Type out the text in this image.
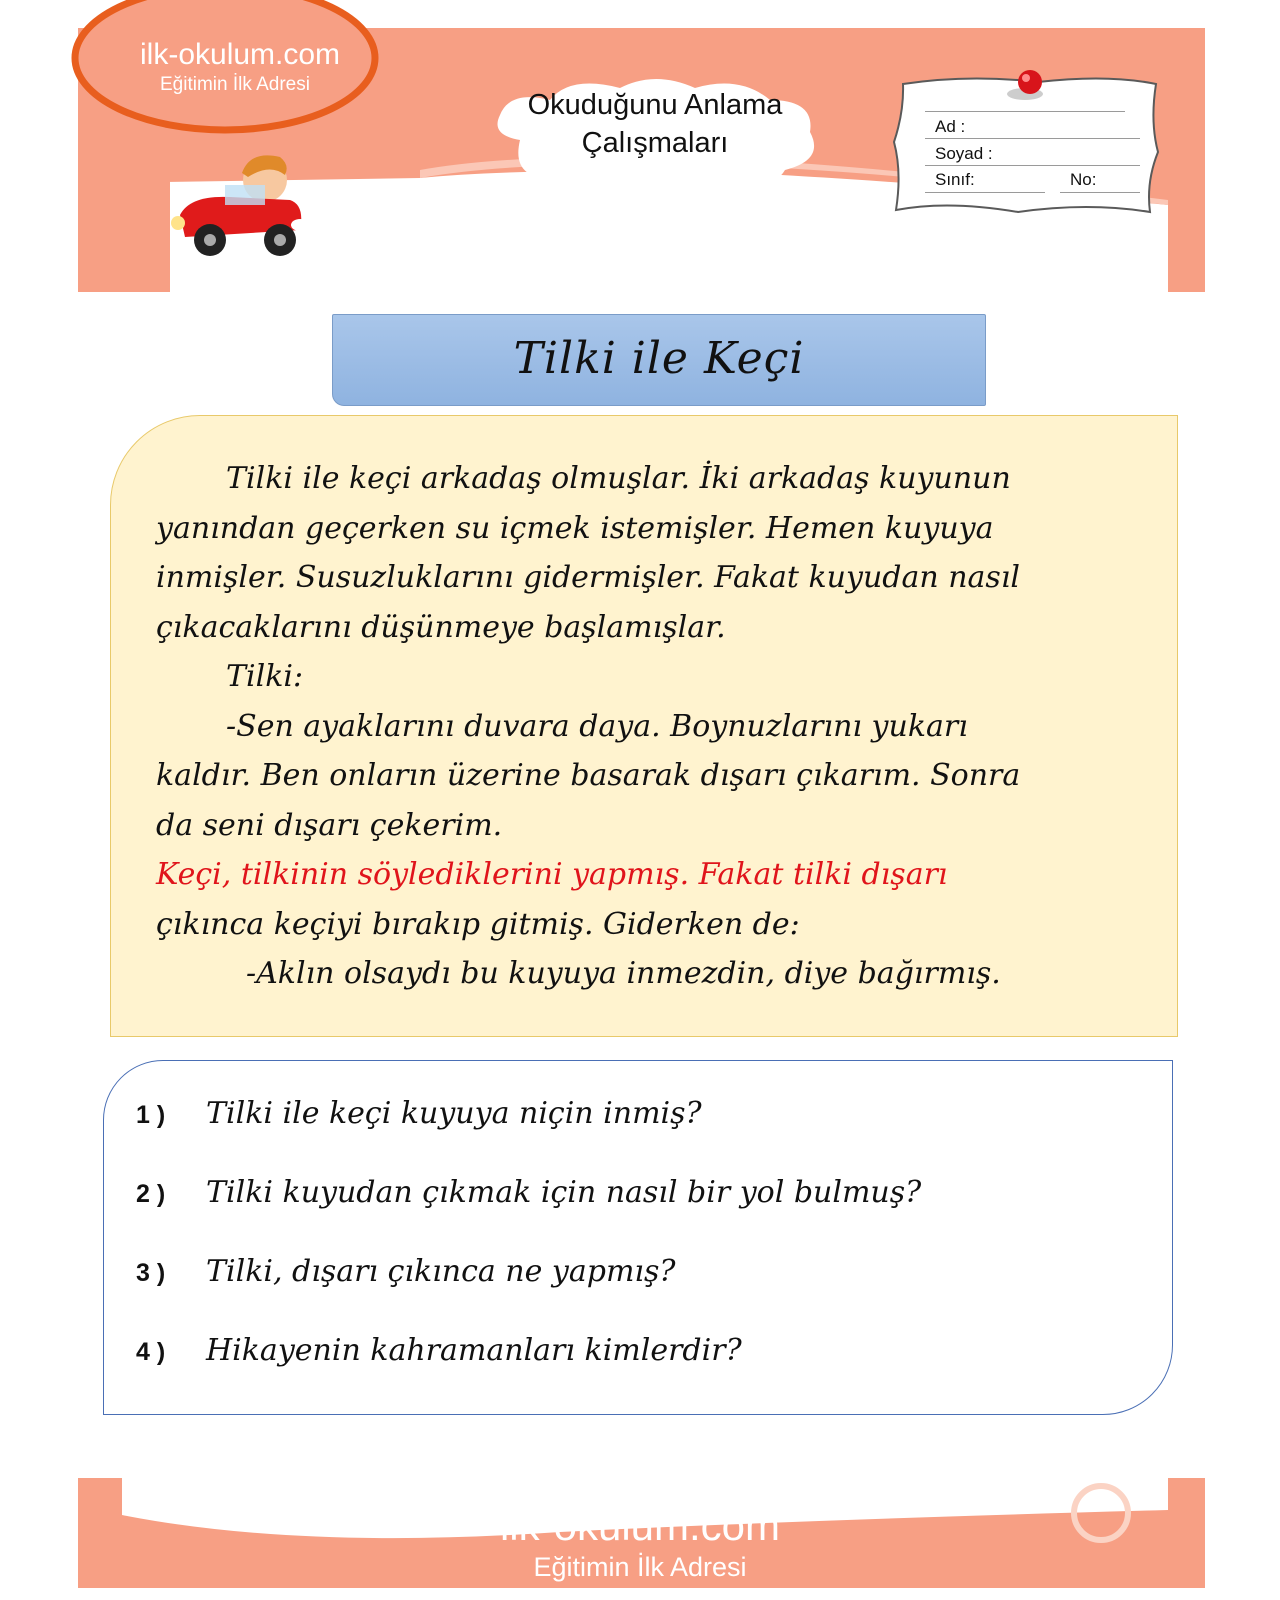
ilk-okulum.com
Eğitimin İlk Adresi
Okuduğunu Anlama
Çalışmaları
Ad :
Soyad :
Sınıf:	No:
Tilki ile Keçi

Tilki ile keçi arkadaş olmuşlar. İki arkadaş kuyunun

yanından geçerken su içmek istemişler. Hemen kuyuya

inmişler. Susuzluklarını gidermişler. Fakat kuyudan nasıl

çıkacaklarını düşünmeye başlamışlar.

Tilki:

-Sen ayaklarını duvara daya. Boynuzlarını yukarı

kaldır. Ben onların üzerine basarak dışarı çıkarım. Sonra

da seni dışarı çekerim.

Keçi, tilkinin söylediklerini yapmış. Fakat tilki dışarı

çıkınca keçiyi bırakıp gitmiş. Giderken de:

-Aklın olsaydı bu kuyuya inmezdin, diye bağırmış.

1 ) Tilki ile keçi kuyuya niçin inmiş?
2 ) Tilki kuyudan çıkmak için nasıl bir yol bulmuş?
3 ) Tilki, dışarı çıkınca ne yapmış?
4 ) Hikayenin kahramanları kimlerdir?
ilk-okulum.com
Eğitimin İlk Adresi
